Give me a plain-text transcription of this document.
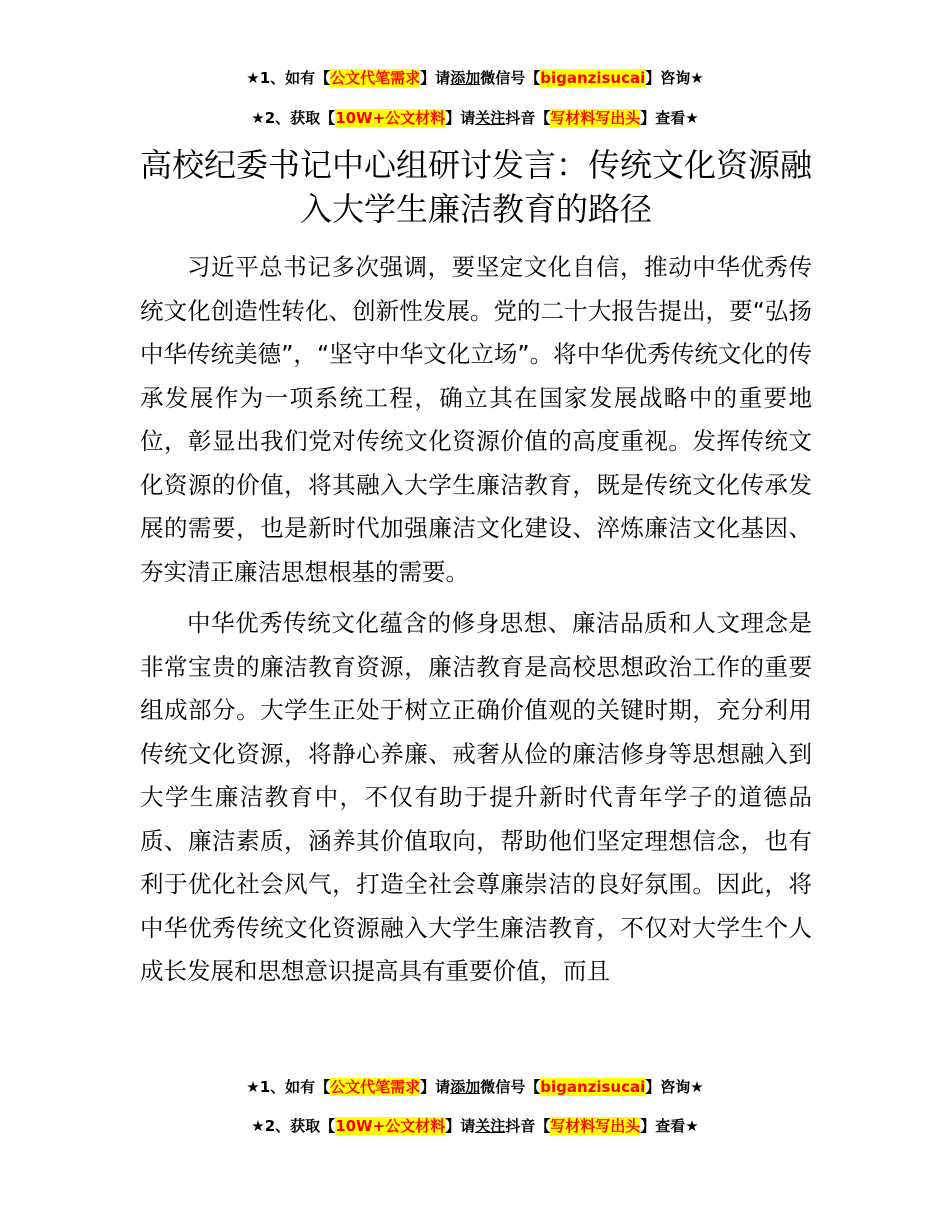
★1、如有【公文代笔需求】请添加微信号【biganzisucai】咨询★
★2、获取【10W+公文材料】请关注抖音【写材料写出头】查看★
高校纪委书记中心组研讨发言：传统文化资源融入大学生廉洁教育的路径
习近平总书记多次强调，要坚定文化自信，推动中华优秀传统文化创造性转化、创新性发展。党的二十大报告提出，要“弘扬中华传统美德”，“坚守中华文化立场”。将中华优秀传统文化的传承发展作为一项系统工程，确立其在国家发展战略中的重要地位，彰显出我们党对传统文化资源价值的高度重视。发挥传统文化资源的价值，将其融入大学生廉洁教育，既是传统文化传承发展的需要，也是新时代加强廉洁文化建设、淬炼廉洁文化基因、夯实清正廉洁思想根基的需要。
中华优秀传统文化蕴含的修身思想、廉洁品质和人文理念是非常宝贵的廉洁教育资源，廉洁教育是高校思想政治工作的重要组成部分。大学生正处于树立正确价值观的关键时期，充分利用传统文化资源，将静心养廉、戒奢从俭的廉洁修身等思想融入到大学生廉洁教育中，不仅有助于提升新时代青年学子的道德品质、廉洁素质，涵养其价值取向，帮助他们坚定理想信念，也有利于优化社会风气，打造全社会尊廉崇洁的良好氛围。因此，将中华优秀传统文化资源融入大学生廉洁教育，不仅对大学生个人成长发展和思想意识提高具有重要价值，而且
★1、如有【公文代笔需求】请添加微信号【biganzisucai】咨询★
★2、获取【10W+公文材料】请关注抖音【写材料写出头】查看★
